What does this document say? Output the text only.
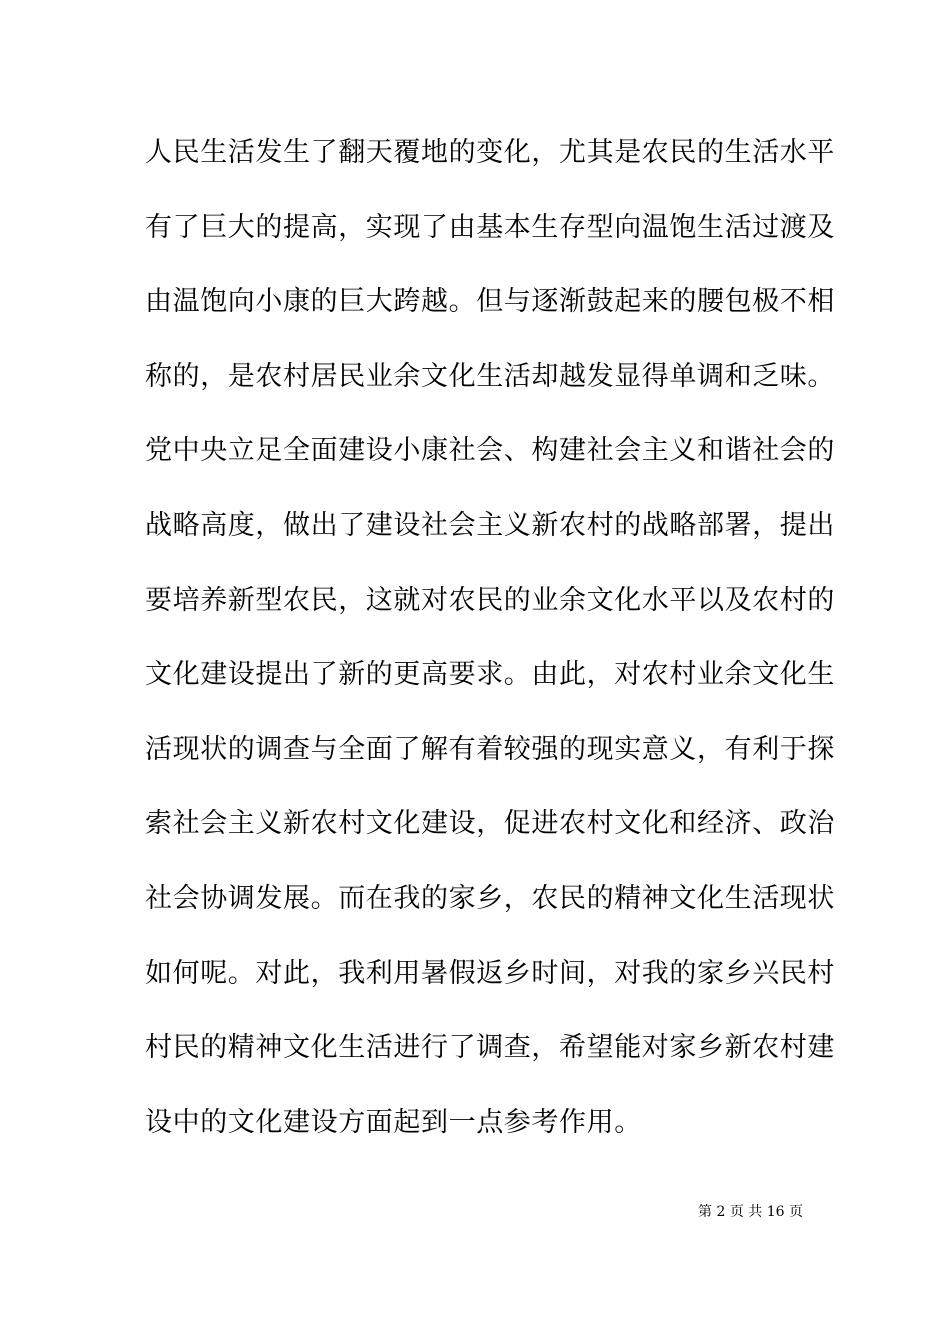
人民生活发生了翻天覆地的变化，尤其是农民的生活水平
有了巨大的提高，实现了由基本生存型向温饱生活过渡及
由温饱向小康的巨大跨越。但与逐渐鼓起来的腰包极不相
称的，是农村居民业余文化生活却越发显得单调和乏味。
党中央立足全面建设小康社会、构建社会主义和谐社会的
战略高度，做出了建设社会主义新农村的战略部署，提出
要培养新型农民，这就对农民的业余文化水平以及农村的
文化建设提出了新的更高要求。由此，对农村业余文化生
活现状的调查与全面了解有着较强的现实意义，有利于探
索社会主义新农村文化建设，促进农村文化和经济、政治
社会协调发展。而在我的家乡，农民的精神文化生活现状
如何呢。对此，我利用暑假返乡时间，对我的家乡兴民村
村民的精神文化生活进行了调查，希望能对家乡新农村建
设中的文化建设方面起到一点参考作用。
第 2 页 共 16 页
